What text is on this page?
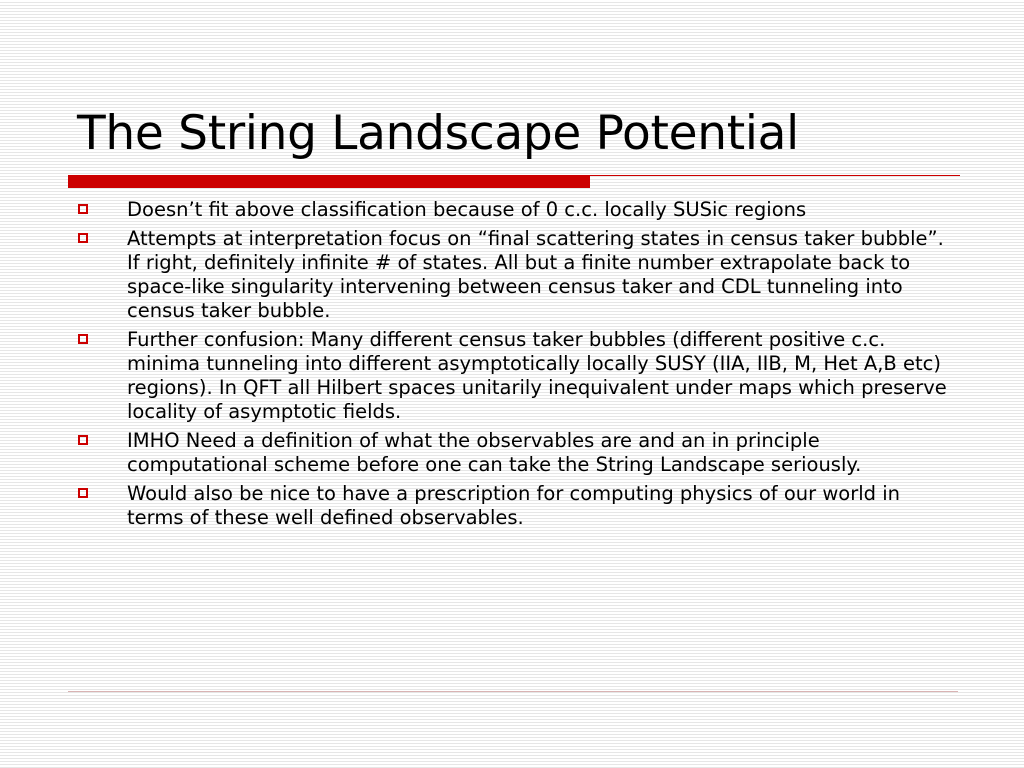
The String Landscape Potential
Doesn’t fit above classification because of 0 c.c. locally SUSic regions
Attempts at interpretation focus on “final scattering states in census taker bubble”. If right, definitely infinite # of states. All but a finite number extrapolate back to space-like singularity intervening between census taker and CDL tunneling into census taker bubble.
Further confusion: Many different census taker bubbles (different positive c.c. minima tunneling into different asymptotically locally SUSY (IIA, IIB, M, Het A,B etc) regions). In QFT all Hilbert spaces unitarily inequivalent under maps which preserve locality of asymptotic fields.
IMHO Need a definition of what the observables are and an in principle computational scheme before one can take the String Landscape seriously.
Would also be nice to have a prescription for computing physics of our world in terms of these well defined observables.
